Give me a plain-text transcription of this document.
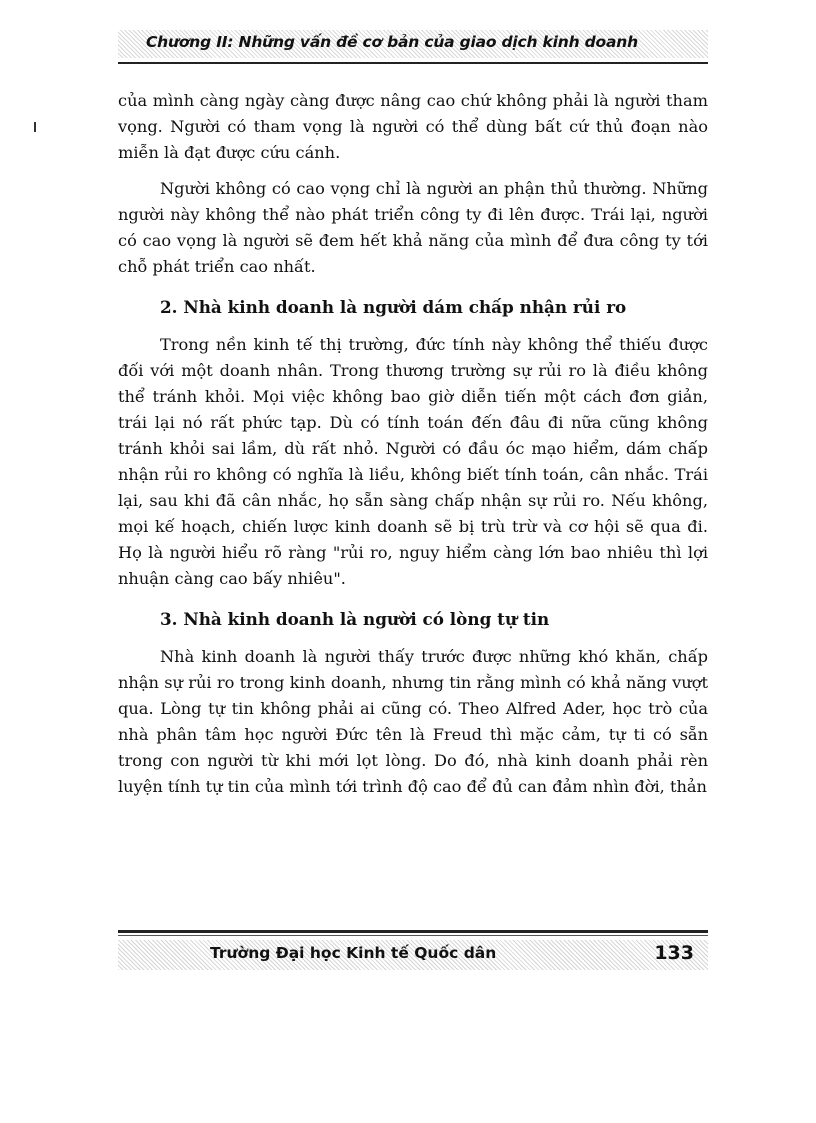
Chương II: Những vấn đề cơ bản của giao dịch kinh doanh

của mình càng ngày càng được nâng cao chứ không phải là người tham vọng. Người có tham vọng là người có thể dùng bất cứ thủ đoạn nào miễn là đạt được cứu cánh.

Người không có cao vọng chỉ là người an phận thủ thường. Những người này không thể nào phát triển công ty đi lên được. Trái lại, người có cao vọng là người sẽ đem hết khả năng của mình để đưa công ty tới chỗ phát triển cao nhất.

2. Nhà kinh doanh là người dám chấp nhận rủi ro

Trong nền kinh tế thị trường, đức tính này không thể thiếu được đối với một doanh nhân. Trong thương trường sự rủi ro là điều không thể tránh khỏi. Mọi việc không bao giờ diễn tiến một cách đơn giản, trái lại nó rất phức tạp. Dù có tính toán đến đâu đi nữa cũng không tránh khỏi sai lầm, dù rất nhỏ. Người có đầu óc mạo hiểm, dám chấp nhận rủi ro không có nghĩa là liều, không biết tính toán, cân nhắc. Trái lại, sau khi đã cân nhắc, họ sẵn sàng chấp nhận sự rủi ro. Nếu không, mọi kế hoạch, chiến lược kinh doanh sẽ bị trù trừ và cơ hội sẽ qua đi. Họ là người hiểu rõ ràng "rủi ro, nguy hiểm càng lớn bao nhiêu thì lợi nhuận càng cao bấy nhiêu".

3. Nhà kinh doanh là người có lòng tự tin

Nhà kinh doanh là người thấy trước được những khó khăn, chấp nhận sự rủi ro trong kinh doanh, nhưng tin rằng mình có khả năng vượt qua. Lòng tự tin không phải ai cũng có. Theo Alfred Ader, học trò của nhà phân tâm học người Đức tên là Freud thì mặc cảm, tự ti có sẵn trong con người từ khi mới lọt lòng. Do đó, nhà kinh doanh phải rèn luyện tính tự tin của mình tới trình độ cao để đủ can đảm nhìn đời, thản

Trường Đại học Kinh tế Quốc dân	133
